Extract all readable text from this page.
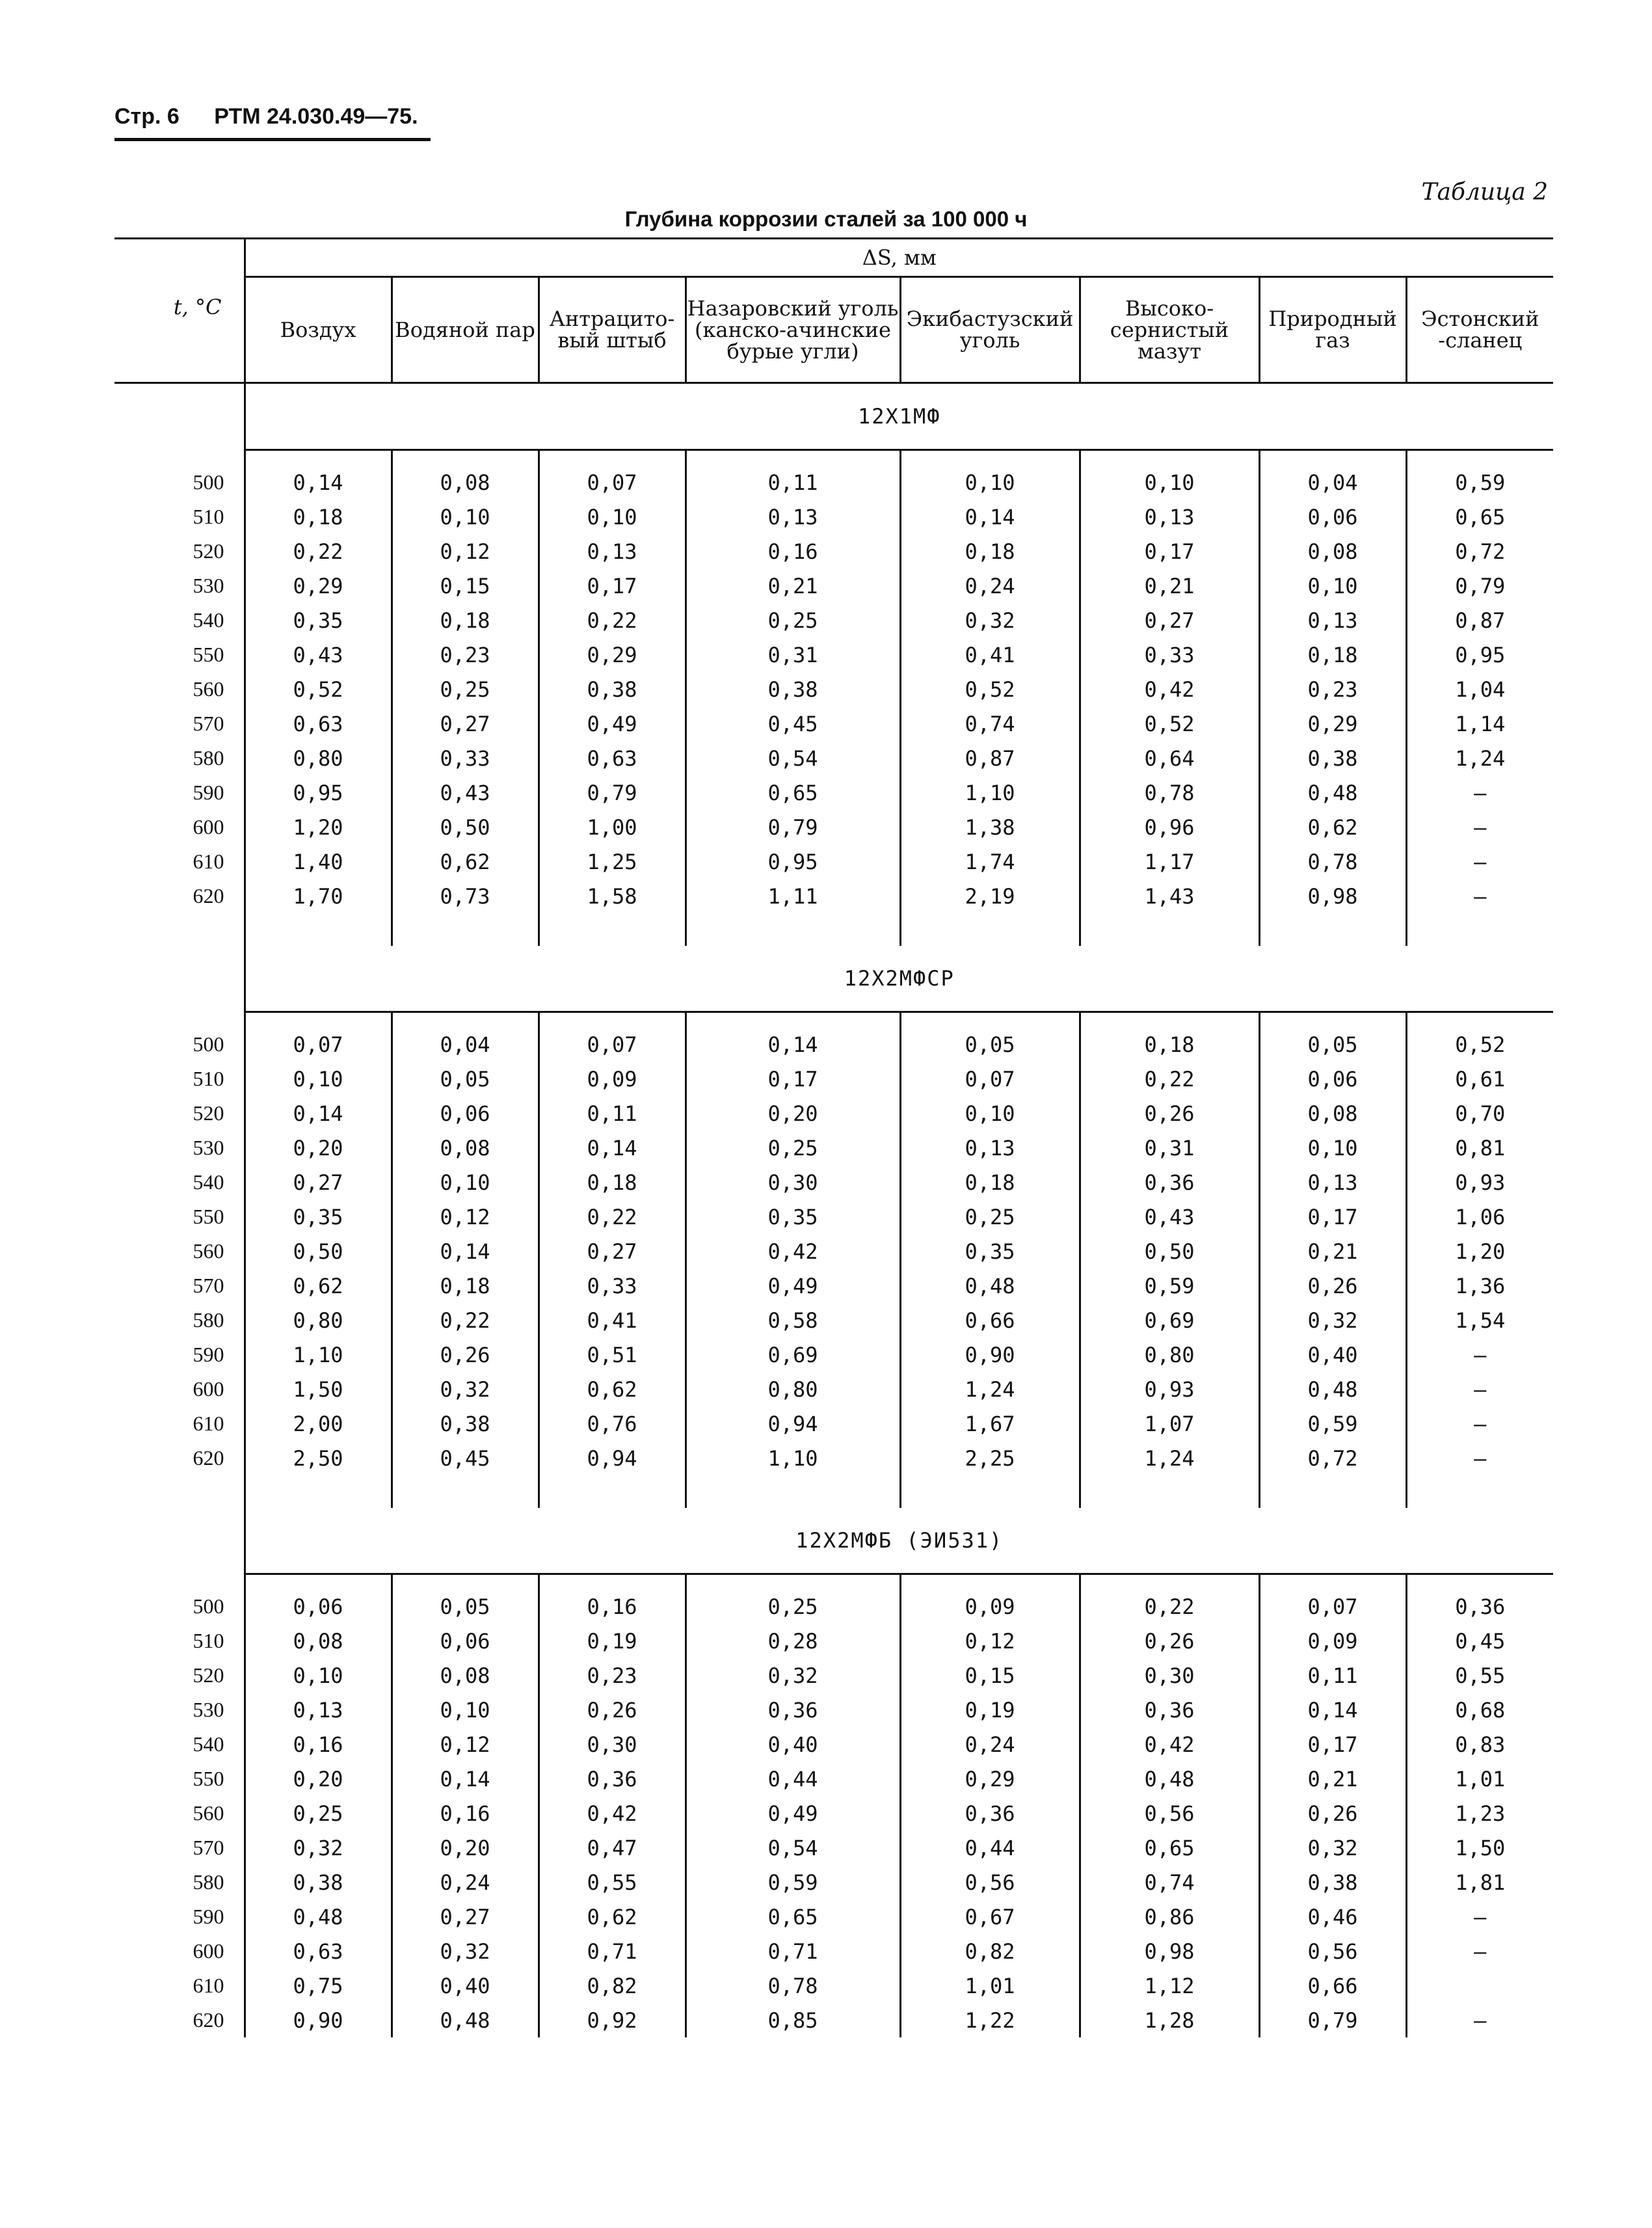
Стр. 6 РТМ 24.030.49—75.
Таблица 2
Глубина коррозии сталей за 100 000 ч
t, °C	ΔS, мм							
	Воздух	Водяной пар	Антрацито-вый штыб	Назаровский уголь (канско-ачинские бурые угли)	Экибастузский уголь	Высоко-сернистый мазут	Природный газ	Эстонский -сланец
	12Х1МФ							

500	0,14	0,08	0,07	0,11	0,10	0,10	0,04	0,59
510	0,18	0,10	0,10	0,13	0,14	0,13	0,06	0,65
520	0,22	0,12	0,13	0,16	0,18	0,17	0,08	0,72
530	0,29	0,15	0,17	0,21	0,24	0,21	0,10	0,79
540	0,35	0,18	0,22	0,25	0,32	0,27	0,13	0,87
550	0,43	0,23	0,29	0,31	0,41	0,33	0,18	0,95
560	0,52	0,25	0,38	0,38	0,52	0,42	0,23	1,04
570	0,63	0,27	0,49	0,45	0,74	0,52	0,29	1,14
580	0,80	0,33	0,63	0,54	0,87	0,64	0,38	1,24
590	0,95	0,43	0,79	0,65	1,10	0,78	0,48	—
600	1,20	0,50	1,00	0,79	1,38	0,96	0,62	—
610	1,40	0,62	1,25	0,95	1,74	1,17	0,78	—
620	1,70	0,73	1,58	1,11	2,19	1,43	0,98	—

	12Х2МФСР							

500	0,07	0,04	0,07	0,14	0,05	0,18	0,05	0,52
510	0,10	0,05	0,09	0,17	0,07	0,22	0,06	0,61
520	0,14	0,06	0,11	0,20	0,10	0,26	0,08	0,70
530	0,20	0,08	0,14	0,25	0,13	0,31	0,10	0,81
540	0,27	0,10	0,18	0,30	0,18	0,36	0,13	0,93
550	0,35	0,12	0,22	0,35	0,25	0,43	0,17	1,06
560	0,50	0,14	0,27	0,42	0,35	0,50	0,21	1,20
570	0,62	0,18	0,33	0,49	0,48	0,59	0,26	1,36
580	0,80	0,22	0,41	0,58	0,66	0,69	0,32	1,54
590	1,10	0,26	0,51	0,69	0,90	0,80	0,40	—
600	1,50	0,32	0,62	0,80	1,24	0,93	0,48	—
610	2,00	0,38	0,76	0,94	1,67	1,07	0,59	—
620	2,50	0,45	0,94	1,10	2,25	1,24	0,72	—

	12Х2МФБ (ЭИ531)							

500	0,06	0,05	0,16	0,25	0,09	0,22	0,07	0,36
510	0,08	0,06	0,19	0,28	0,12	0,26	0,09	0,45
520	0,10	0,08	0,23	0,32	0,15	0,30	0,11	0,55
530	0,13	0,10	0,26	0,36	0,19	0,36	0,14	0,68
540	0,16	0,12	0,30	0,40	0,24	0,42	0,17	0,83
550	0,20	0,14	0,36	0,44	0,29	0,48	0,21	1,01
560	0,25	0,16	0,42	0,49	0,36	0,56	0,26	1,23
570	0,32	0,20	0,47	0,54	0,44	0,65	0,32	1,50
580	0,38	0,24	0,55	0,59	0,56	0,74	0,38	1,81
590	0,48	0,27	0,62	0,65	0,67	0,86	0,46	—
600	0,63	0,32	0,71	0,71	0,82	0,98	0,56	—
610	0,75	0,40	0,82	0,78	1,01	1,12	0,66	
620	0,90	0,48	0,92	0,85	1,22	1,28	0,79	—
